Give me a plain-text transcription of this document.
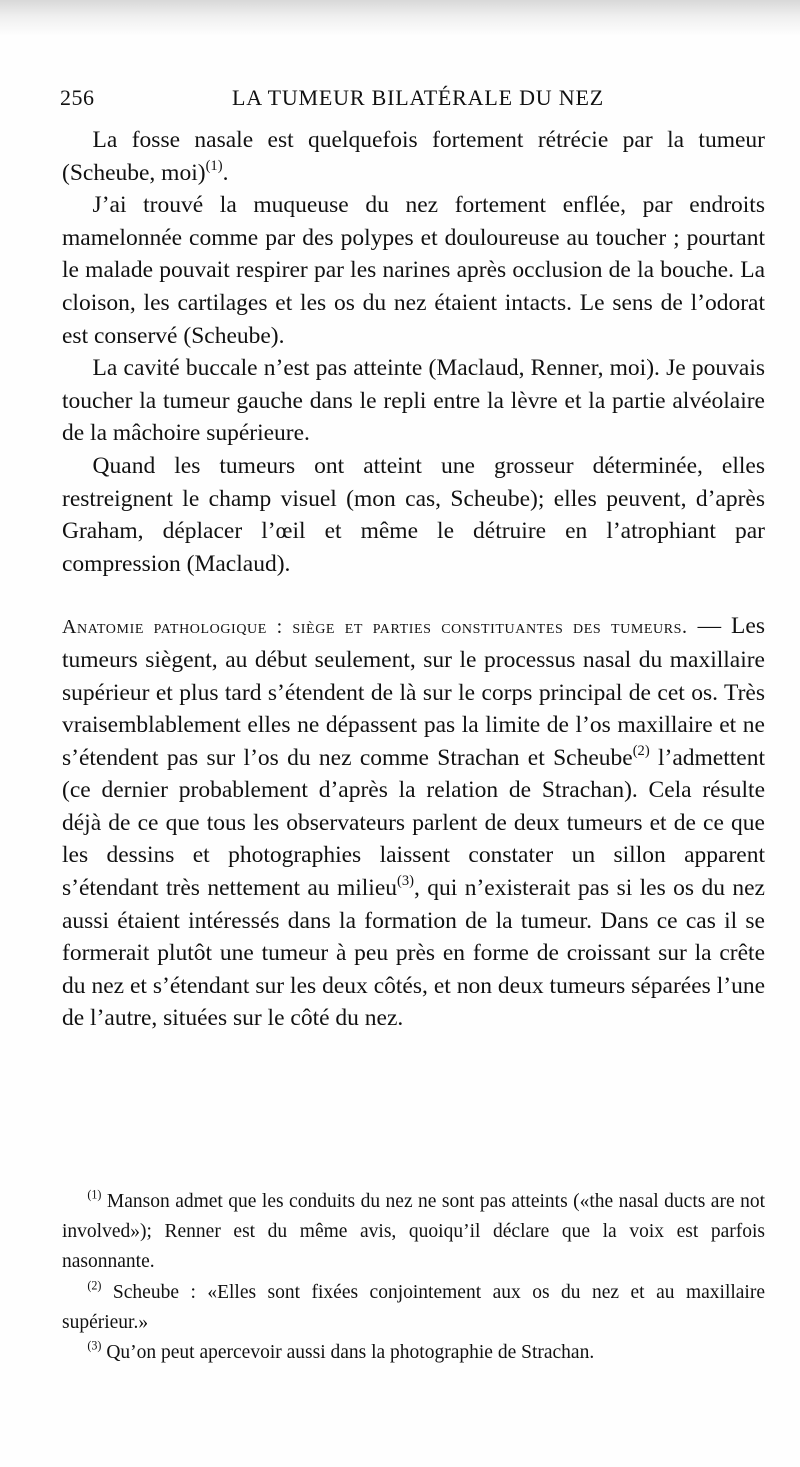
256	LA TUMEUR BILATÉRALE DU NEZ

La fosse nasale est quelquefois fortement rétrécie par la tumeur (Scheube, moi)$^{(1)}$.

J’ai trouvé la muqueuse du nez fortement enflée, par endroits mamelonnée comme par des polypes et douloureuse au toucher ; pourtant le malade pouvait respirer par les narines après occlusion de la bouche. La cloison, les cartilages et les os du nez étaient intacts. Le sens de l’odorat est conservé (Scheube).

La cavité buccale n’est pas atteinte (Maclaud, Renner, moi). Je pouvais toucher la tumeur gauche dans le repli entre la lèvre et la partie alvéolaire de la mâchoire supérieure.

Quand les tumeurs ont atteint une grosseur déterminée, elles restreignent le champ visuel (mon cas, Scheube); elles peuvent, d’après Graham, déplacer l’œil et même le détruire en l’atrophiant par compression (Maclaud).

Anatomie pathologique : siège et parties constituantes des tumeurs. — Les tumeurs siègent, au début seulement, sur le processus nasal du maxillaire supérieur et plus tard s’étendent de là sur le corps principal de cet os. Très vraisemblablement elles ne dépassent pas la limite de l’os maxillaire et ne s’étendent pas sur l’os du nez comme Strachan et Scheube$^{(2)}$ l’admettent (ce dernier probablement d’après la relation de Strachan). Cela résulte déjà de ce que tous les observateurs parlent de deux tumeurs et de ce que les dessins et photographies laissent constater un sillon apparent s’étendant très nettement au milieu$^{(3)}$, qui n’existerait pas si les os du nez aussi étaient intéressés dans la formation de la tumeur. Dans ce cas il se formerait plutôt une tumeur à peu près en forme de croissant sur la crête du nez et s’étendant sur les deux côtés, et non deux tumeurs séparées l’une de l’autre, situées sur le côté du nez.

$^{(1)}$ Manson admet que les conduits du nez ne sont pas atteints («the nasal ducts are not involved»); Renner est du même avis, quoiqu’il déclare que la voix est parfois nasonnante.

$^{(2)}$ Scheube : «Elles sont fixées conjointement aux os du nez et au maxillaire supérieur.»

$^{(3)}$ Qu’on peut apercevoir aussi dans la photographie de Strachan.
